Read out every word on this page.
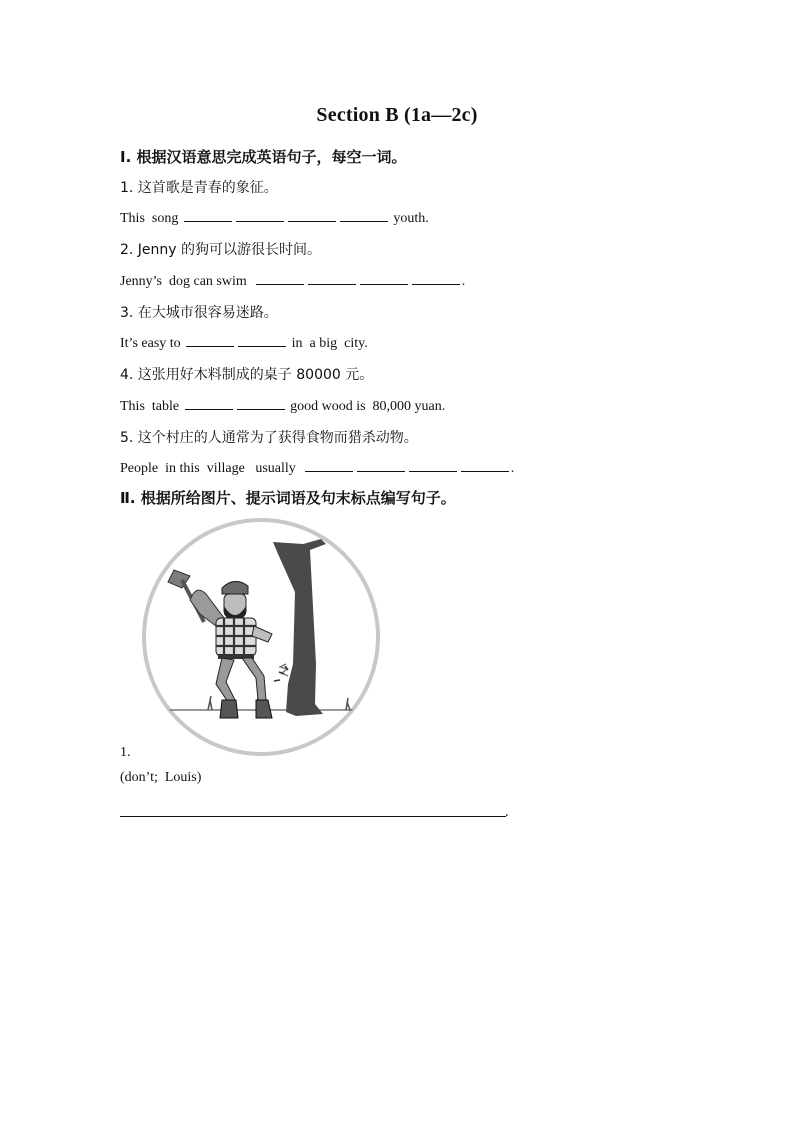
Section B (1a—2c)
Ⅰ. 根据汉语意思完成英语句子，每空一词。
1. 这首歌是青春的象征。
This  song	youth.
2. Jenny 的狗可以游很长时间。
Jenny’s  dog can swim	.
3. 在大城市很容易迷路。
It’s easy to	in  a big  city.
4. 这张用好木料制成的桌子 80000 元。
This  table	good wood is  80,000 yuan.
5. 这个村庄的人通常为了获得食物而猎杀动物。
People  in this  village   usually	.
Ⅱ. 根据所给图片、提示词语及句末标点编写句子。
1.
(don’t;  Louis)
.
